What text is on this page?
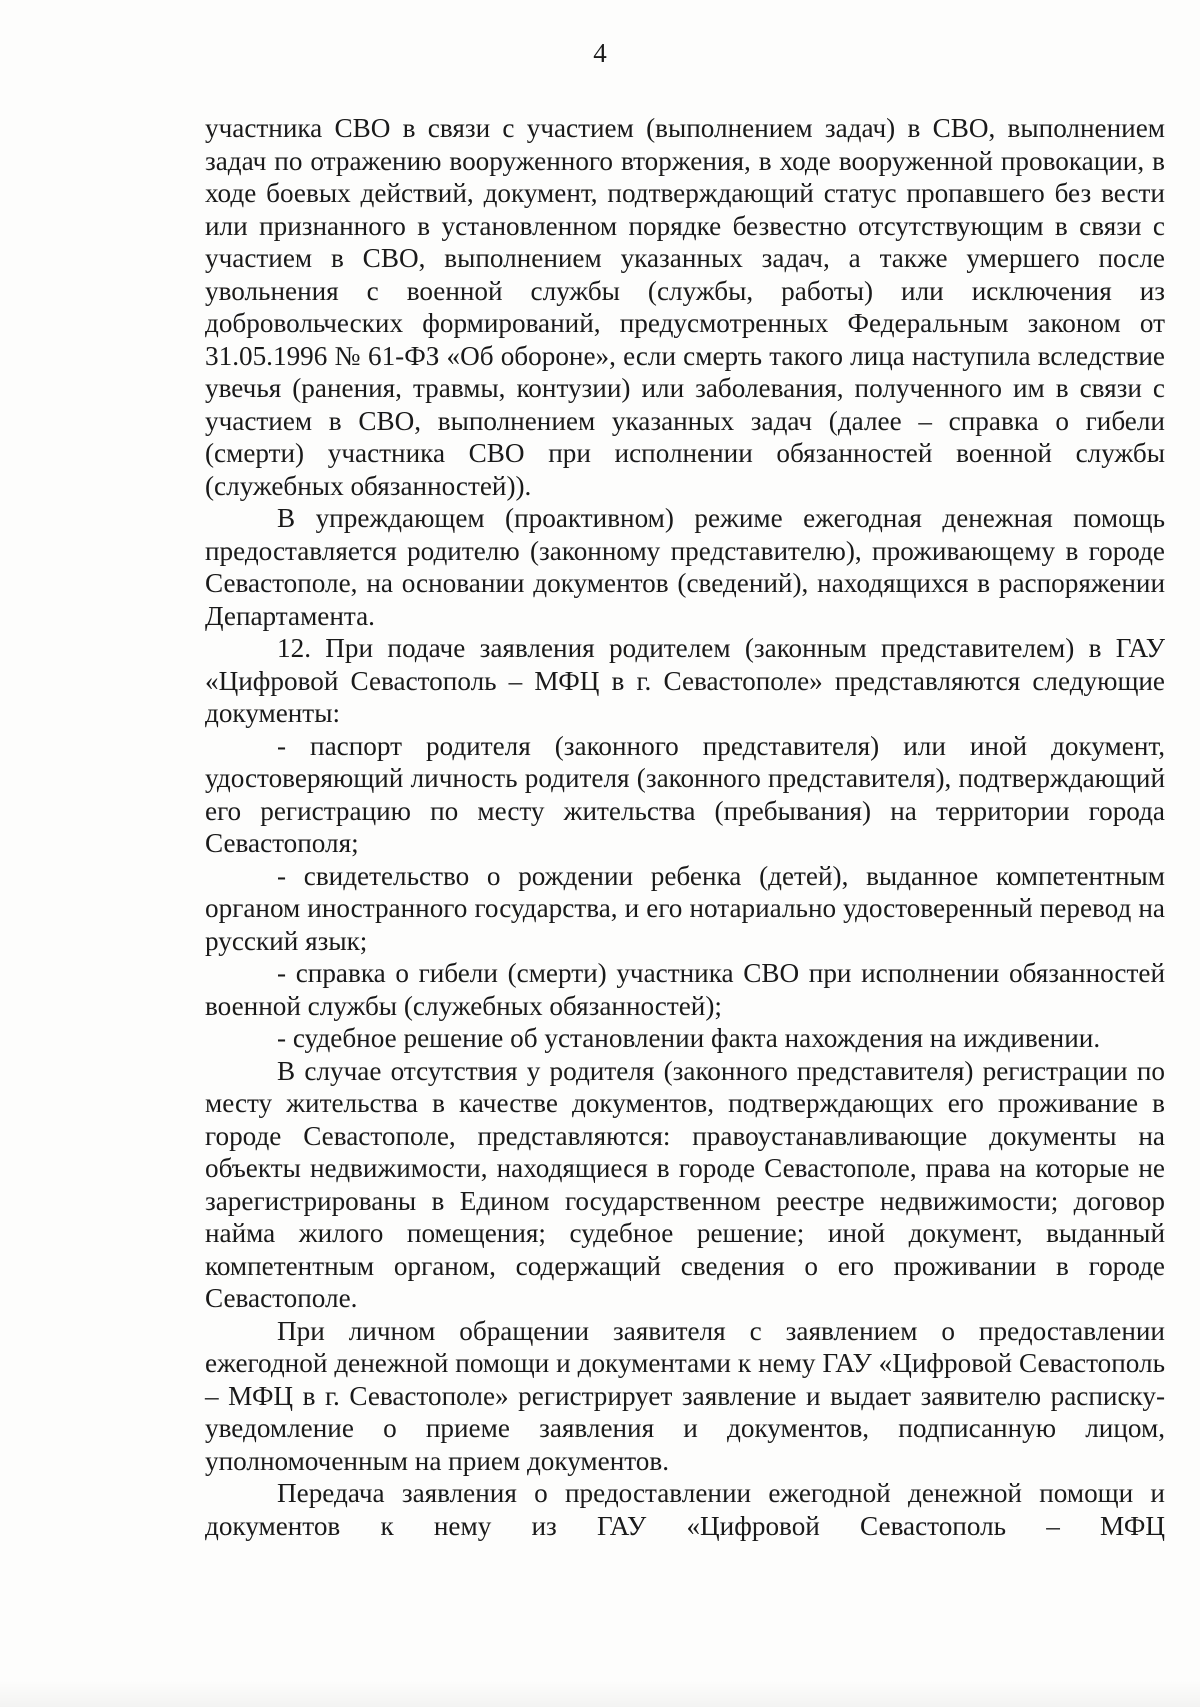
4

участника СВО в связи с участием (выполнением задач) в СВО, выполнением задач по отражению вооруженного вторжения, в ходе вооруженной провокации, в ходе боевых действий, документ, подтверждающий статус пропавшего без вести или признанного в установленном порядке безвестно отсутствующим в связи с участием в СВО, выполнением указанных задач, а также умершего после увольнения с военной службы (службы, работы) или исключения из добровольческих формирований, предусмотренных Федеральным законом от 31.05.1996 № 61-ФЗ «Об обороне», если смерть такого лица наступила вследствие увечья (ранения, травмы, контузии) или заболевания, полученного им в связи с участием в СВО, выполнением указанных задач (далее – справка о гибели (смерти) участника СВО при исполнении обязанностей военной службы (служебных обязанностей)).

В упреждающем (проактивном) режиме ежегодная денежная помощь предоставляется родителю (законному представителю), проживающему в городе Севастополе, на основании документов (сведений), находящихся в распоряжении Департамента.

12. При подаче заявления родителем (законным представителем) в ГАУ «Цифровой Севастополь – МФЦ в г. Севастополе» представляются следующие документы:

- паспорт родителя (законного представителя) или иной документ, удостоверяющий личность родителя (законного представителя), подтверждающий его регистрацию по месту жительства (пребывания) на территории города Севастополя;

- свидетельство о рождении ребенка (детей), выданное компетентным органом иностранного государства, и его нотариально удостоверенный перевод на русский язык;

- справка о гибели (смерти) участника СВО при исполнении обязанностей военной службы (служебных обязанностей);

- судебное решение об установлении факта нахождения на иждивении.

В случае отсутствия у родителя (законного представителя) регистрации по месту жительства в качестве документов, подтверждающих его проживание в городе Севастополе, представляются: правоустанавливающие документы на объекты недвижимости, находящиеся в городе Севастополе, права на которые не зарегистрированы в Едином государственном реестре недвижимости; договор найма жилого помещения; судебное решение; иной документ, выданный компетентным органом, содержащий сведения о его проживании в городе Севастополе.

При личном обращении заявителя с заявлением о предоставлении ежегодной денежной помощи и документами к нему ГАУ «Цифровой Севастополь – МФЦ в г. Севастополе» регистрирует заявление и выдает заявителю расписку-уведомление о приеме заявления и документов, подписанную лицом, уполномоченным на прием документов.

Передача заявления о предоставлении ежегодной денежной помощи и документов к нему из ГАУ «Цифровой Севастополь – МФЦ
